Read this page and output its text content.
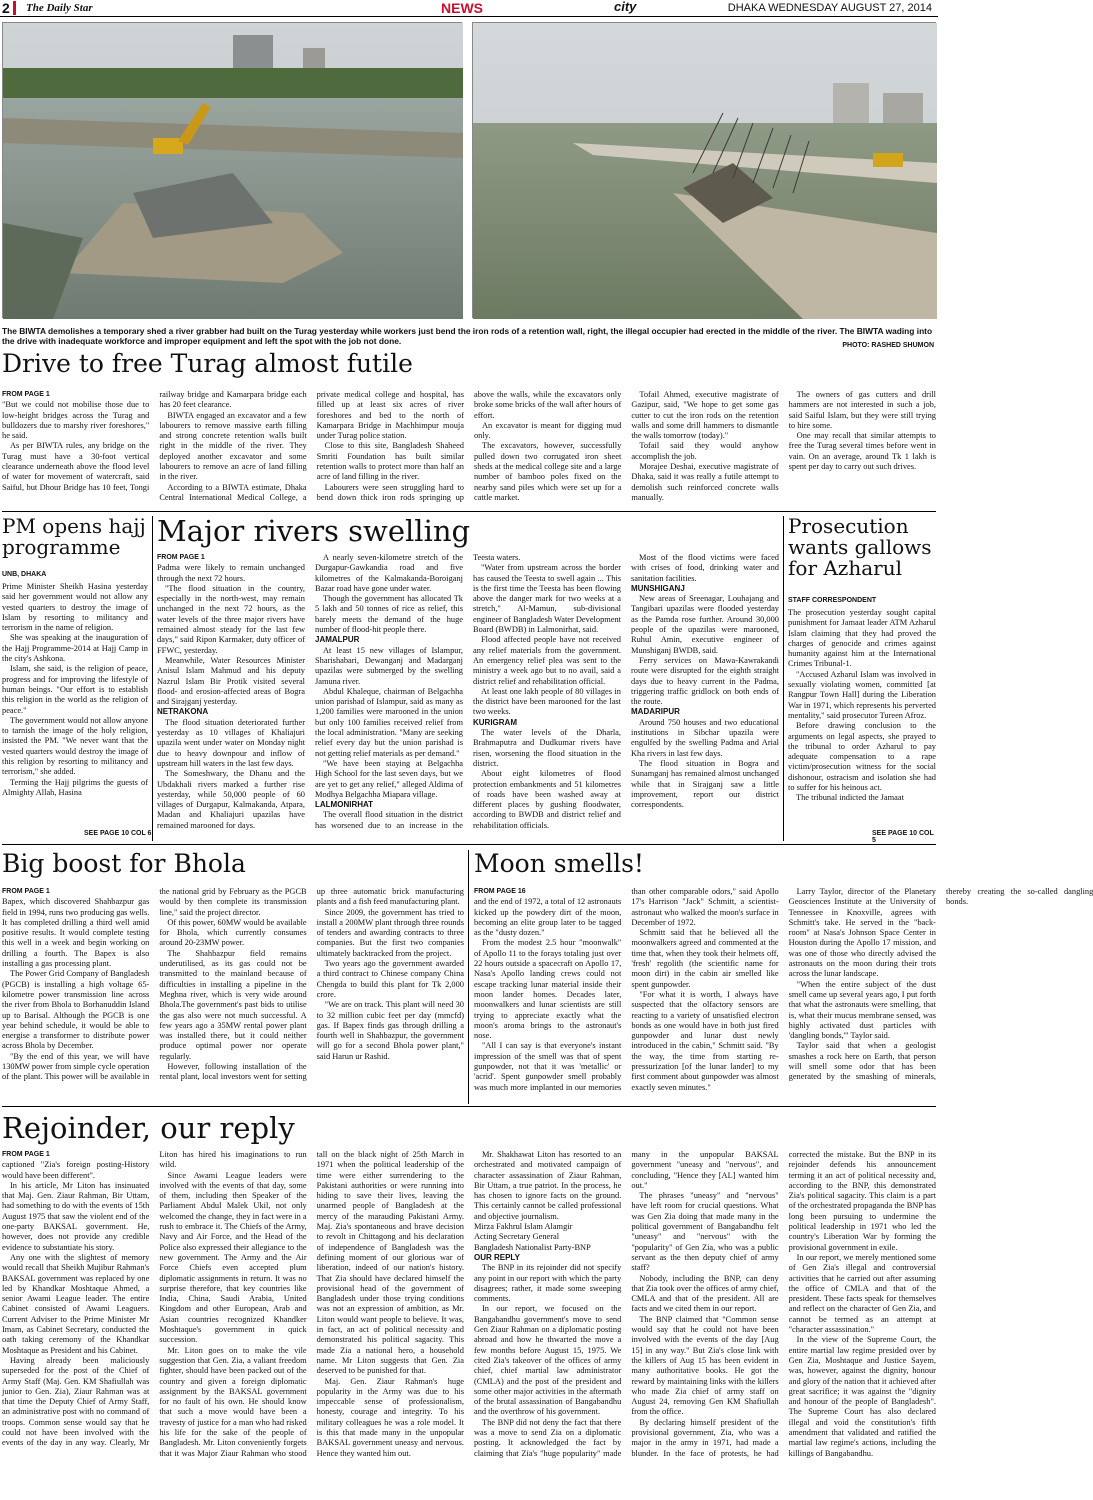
2 The Daily Star	NEWS	city	DHAKA WEDNESDAY AUGUST 27, 2014
The BIWTA demolishes a temporary shed a river grabber had built on the Turag yesterday while workers just bend the iron rods of a retention wall, right, the illegal occupier had erected in the middle of the river. The BIWTA wading into the drive with inadequate workforce and improper equipment and left the spot with the job not done.	PHOTO: RASHED SHUMON
Drive to free Turag almost futile

FROM PAGE 1

"But we could not mobilise those due to low-height bridges across the Turag and bulldozers due to marshy river foreshores," he said.

As per BIWTA rules, any bridge on the Turag must have a 30-foot vertical clearance underneath above the flood level of water for movement of watercraft, said Saiful, but Dhour Bridge has 10 feet, Tongi railway bridge and Kamarpara bridge each has 20 feet clearance.

BIWTA engaged an excavator and a few labourers to remove massive earth filling and strong concrete retention walls built right in the middle of the river. They deployed another excavator and some labourers to remove an acre of land filling in the river.

According to a BIWTA estimate, Dhaka Central International Medical College, a private medical college and hospital, has filled up at least six acres of river foreshores and bed to the north of Kamarpara Bridge in Machhimpur mouja under Turag police station.

Close to this site, Bangladesh Shaheed Smriti Foundation has built similar retention walls to protect more than half an acre of land filling in the river.

Labourers were seen struggling hard to bend down thick iron rods springing up above the walls, while the excavators only broke some bricks of the wall after hours of effort.

An excavator is meant for digging mud only.

The excavators, however, successfully pulled down two corrugated iron sheet sheds at the medical college site and a large number of bamboo poles fixed on the nearby sand piles which were set up for a cattle market.

Tofail Ahmed, executive magistrate of Gazipur, said, "We hope to get some gas cutter to cut the iron rods on the retention walls and some drill hammers to dismantle the walls tomorrow (today)."

Tofail said they would anyhow accomplish the job.

Morajee Deshai, executive magistrate of Dhaka, said it was really a futile attempt to demolish such reinforced concrete walls manually.

The owners of gas cutters and drill hammers are not interested in such a job, said Saiful Islam, but they were still trying to hire some.

One may recall that similar attempts to free the Turag several times before went in vain. On an average, around Tk 1 lakh is spent per day to carry out such drives.

PM opens hajj programme
UNB, DHAKA

Prime Minister Sheikh Hasina yesterday said her government would not allow any vested quarters to destroy the image of Islam by resorting to militancy and terrorism in the name of religion.

She was speaking at the inauguration of the Hajj Programme-2014 at Hajj Camp in the city's Ashkona.

Islam, she said, is the religion of peace, progress and for improving the lifestyle of human beings. "Our effort is to establish this religion in the world as the religion of peace."

The government would not allow anyone to tarnish the image of the holy religion, insisted the PM. "We never want that the vested quarters would destroy the image of this religion by resorting to militancy and terrorism," she added.

Terming the Hajj pilgrims the guests of Almighty Allah, Hasina

SEE PAGE 10 COL 6
Major rivers swelling

FROM PAGE 1

Padma were likely to remain unchanged through the next 72 hours.

"The flood situation in the country, especially in the north-west, may remain unchanged in the next 72 hours, as the water levels of the three major rivers have remained almost steady for the last few days," said Ripon Karmaker, duty officer of FFWC, yesterday.

Meanwhile, Water Resources Minister Anisul Islam Mahmud and his deputy Nazrul Islam Bir Protik visited several flood- and erosion-affected areas of Bogra and Sirajganj yesterday.

NETRAKONA

The flood situation deteriorated further yesterday as 10 villages of Khaliajuri upazila went under water on Monday night due to heavy downpour and inflow of upstream hill waters in the last few days.

The Someshwary, the Dhanu and the Ubdakhali rivers marked a further rise yesterday, while 50,000 people of 60 villages of Durgapur, Kalmakanda, Atpara, Madan and Khaliajuri upazilas have remained marooned for days.

A nearly seven-kilometre stretch of the Durgapur-Gawkandia road and five kilometres of the Kalmakanda-Boroiganj Bazar road have gone under water.

Though the government has allocated Tk 5 lakh and 50 tonnes of rice as relief, this barely meets the demand of the huge number of flood-hit people there.

JAMALPUR

At least 15 new villages of Islampur, Sharishabari, Dewanganj and Madarganj upazilas were submerged by the swelling Jamuna river.

Abdul Khaleque, chairman of Belgachha union parishad of Islampur, said as many as 1,200 families were marooned in the union but only 100 families received relief from the local administration. "Many are seeking relief every day but the union parishad is not getting relief materials as per demand."

"We have been staying at Belgachha High School for the last seven days, but we are yet to get any relief," alleged Aldima of Modhya Belgachha Miapara village.

LALMONIRHAT

The overall flood situation in the district has worsened due to an increase in the Teesta waters.

"Water from upstream across the border has caused the Teesta to swell again ... This is the first time the Teesta has been flowing above the danger mark for two weeks at a stretch," Al-Mamun, sub-divisional engineer of Bangladesh Water Development Board (BWDB) in Lalmonirhat, said.

Flood affected people have not received any relief materials from the government. An emergency relief plea was sent to the ministry a week ago but to no avail, said a district relief and rehabilitation official.

At least one lakh people of 80 villages in the district have been marooned for the last two weeks.

KURIGRAM

The water levels of the Dharla, Brahmaputra and Dudkumar rivers have risen, worsening the flood situation in the district.

About eight kilometres of flood protection embankments and 51 kilometres of roads have been washed away at different places by gushing floodwater, according to BWDB and district relief and rehabilitation officials.

Most of the flood victims were faced with crises of food, drinking water and sanitation facilities.

MUNSHIGANJ

New areas of Sreenagar, Louhajang and Tangibari upazilas were flooded yesterday as the Pamda rose further. Around 30,000 people of the upazilas were marooned, Ruhul Amin, executive engineer of Munshiganj BWDB, said.

Ferry services on Mawa-Kawrakandi route were disrupted for the eighth straight days due to heavy current in the Padma, triggering traffic gridlock on both ends of the route.

MADARIPUR

Around 750 houses and two educational institutions in Sibchar upazila were engulfed by the swelling Padma and Arial Kha rivers in last few days.

The flood situation in Bogra and Sunamganj has remained almost unchanged while that in Sirajganj saw a little improvement, report our district correspondents.

Prosecution wants gallows for Azharul
STAFF CORRESPONDENT

The prosecution yesterday sought capital punishment for Jamaat leader ATM Azharul Islam claiming that they had proved the charges of genocide and crimes against humanity against him at the International Crimes Tribunal-1.

"Accused Azharul Islam was involved in sexually violating women, committed [at Rangpur Town Hall] during the Liberation War in 1971, which represents his perverted mentality," said prosecutor Tureen Afroz.

Before drawing conclusion to the arguments on legal aspects, she prayed to the tribunal to order Azharul to pay adequate compensation to a rape victim/prosecution witness for the social dishonour, ostracism and isolation she had to suffer for his heinous act.

The tribunal indicted the Jamaat

SEE PAGE 10 COL 5
Big boost for Bhola

FROM PAGE 1

Bapex, which discovered Shahbazpur gas field in 1994, runs two producing gas wells. It has completed drilling a third well amid positive results. It would complete testing this well in a week and begin working on drilling a fourth. The Bapex is also installing a gas processing plant.

The Power Grid Company of Bangladesh (PGCB) is installing a high voltage 65-kilometre power transmission line across the river from Bhola to Borhanuddin Island up to Barisal. Although the PGCB is one year behind schedule, it would be able to energise a transformer to distribute power across Bhola by December.

"By the end of this year, we will have 130MW power from simple cycle operation of the plant. This power will be available in the national grid by February as the PGCB would by then complete its transmission line," said the project director.

Of this power, 60MW would be available for Bhola, which currently consumes around 20-23MW power.

The Shahbazpur field remains underutilised, as its gas could not be transmitted to the mainland because of difficulties in installing a pipeline in the Meghna river, which is very wide around Bhola.The government's past bids to utilise the gas also were not much successful. A few years ago a 35MW rental power plant was installed there, but it could neither produce optimal power nor operate regularly.

However, following installation of the rental plant, local investors went for setting up three automatic brick manufacturing plants and a fish feed manufacturing plant.

Since 2009, the government has tried to install a 200MW plant through three rounds of tenders and awarding contracts to three companies. But the first two companies ultimately backtracked from the project.

Two years ago the government awarded a third contract to Chinese company China Chengda to build this plant for Tk 2,000 crore.

"We are on track. This plant will need 30 to 32 million cubic feet per day (mmcfd) gas. If Bapex finds gas through drilling a fourth well in Shahbazpur, the government will go for a second Bhola power plant," said Harun ur Rashid.

Moon smells!

FROM PAGE 16

and the end of 1972, a total of 12 astronauts kicked up the powdery dirt of the moon, becoming an elite group later to be tagged as the "dusty dozen."

From the modest 2.5 hour "moonwalk" of Apollo 11 to the forays totaling just over 22 hours outside a spacecraft on Apollo 17, Nasa's Apollo landing crews could not escape tracking lunar material inside their moon lander homes. Decades later, moonwalkers and lunar scientists are still trying to appreciate exactly what the moon's aroma brings to the astronaut's nose.

"All I can say is that everyone's instant impression of the smell was that of spent gunpowder, not that it was 'metallic' or 'acrid'. Spent gunpowder smell probably was much more implanted in our memories than other comparable odors," said Apollo 17's Harrison "Jack" Schmitt, a scientist-astronaut who walked the moon's surface in December of 1972.

Schmitt said that he believed all the moonwalkers agreed and commented at the time that, when they took their helmets off, 'fresh' regolith (the scientific name for moon dirt) in the cabin air smelled like spent gunpowder.

"For what it is worth, I always have suspected that the olfactory sensors are reacting to a variety of unsatisfied electron bonds as one would have in both just fired gunpowder and lunar dust newly introduced in the cabin," Schmitt said. "By the way, the time from starting re-pressurization [of the lunar lander] to my first comment about gunpowder was almost exactly seven minutes."

Larry Taylor, director of the Planetary Geosciences Institute at the University of Tennessee in Knoxville, agrees with Schmitt's take. He served in the "back-room" at Nasa's Johnson Space Center in Houston during the Apollo 17 mission, and was one of those who directly advised the astronauts on the moon during their trots across the lunar landscape.

"When the entire subject of the dust smell came up several years ago, I put forth that what the astronauts were smelling, that is, what their mucus membrane sensed, was highly activated dust particles with 'dangling bonds,'" Taylor said.

Taylor said that when a geologist smashes a rock here on Earth, that person will smell some odor that has been generated by the smashing of minerals, thereby creating the so-called dangling bonds.

Rejoinder, our reply

FROM PAGE 1

captioned "Zia's foreign posting-History would have been different".

In his article, Mr Liton has insinuated that Maj. Gen. Ziaur Rahman, Bir Uttam, had something to do with the events of 15th August 1975 that saw the violent end of the one-party BAKSAL government. He, however, does not provide any credible evidence to substantiate his story.

Any one with the slightest of memory would recall that Sheikh Mujibur Rahman's BAKSAL government was replaced by one led by Khandkar Moshtaque Ahmed, a senior Awami League leader. The entire Cabinet consisted of Awami Leaguers. Current Adviser to the Prime Minister Mr Imam, as Cabinet Secretary, conducted the oath taking ceremony of the Khandkar Moshtaque as President and his Cabinet.

Having already been maliciously superseded for the post of the Chief of Army Staff (Maj. Gen. KM Shafiullah was junior to Gen. Zia), Ziaur Rahman was at that time the Deputy Chief of Army Staff, an administrative post with no command of troops. Common sense would say that he could not have been involved with the events of the day in any way. Clearly, Mr Liton has hired his imaginations to run wild.

Since Awami League leaders were involved with the events of that day, some of them, including then Speaker of the Parliament Abdul Malek Ukil, not only welcomed the change, they in fact were in a rush to embrace it. The Chiefs of the Army, Navy and Air Force, and the Head of the Police also expressed their allegiance to the new government. The Army and the Air Force Chiefs even accepted plum diplomatic assignments in return. It was no surprise therefore, that key countries like India, China, Saudi Arabia, United Kingdom and other European, Arab and Asian countries recognized Khandker Moshtaque's government in quick succession.

Mr. Liton goes on to make the vile suggestion that Gen. Zia, a valiant freedom fighter, should have been packed out of the country and given a foreign diplomatic assignment by the BAKSAL government for no fault of his own. He should know that such a move would have been a travesty of justice for a man who had risked his life for the sake of the people of Bangladesh. Mr. Liton conveniently forgets that it was Major Ziaur Rahman who stood tall on the black night of 25th March in 1971 when the political leadership of the time were either surrendering to the Pakistani authorities or were running into hiding to save their lives, leaving the unarmed people of Bangladesh at the mercy of the marauding Pakistani Army. Maj. Zia's spontaneous and brave decision to revolt in Chittagong and his declaration of independence of Bangladesh was the defining moment of our glorious war of liberation, indeed of our nation's history. That Zia should have declared himself the provisional head of the government of Bangladesh under those trying conditions was not an expression of ambition, as Mr. Liton would want people to believe. It was, in fact, an act of political necessity and demonstrated his political sagacity. This made Zia a national hero, a household name. Mr Liton suggests that Gen. Zia deserved to be punished for that.

Maj. Gen. Ziaur Rahman's huge popularity in the Army was due to his impeccable sense of professionalism, honesty, courage and integrity. To his military colleagues he was a role model. It is this that made many in the unpopular BAKSAL government uneasy and nervous. Hence they wanted him out.

Mr. Shakhawat Liton has resorted to an orchestrated and motivated campaign of character assassination of Ziaur Rahman, Bir Uttam, a true patriot. In the process, he has chosen to ignore facts on the ground. This certainly cannot be called professional and objective journalism.

Mirza Fakhrul Islam Alamgir

Acting Secretary General

Bangladesh Nationalist Party-BNP

OUR REPLY

The BNP in its rejoinder did not specify any point in our report with which the party disagrees; rather, it made some sweeping comments.

In our report, we focused on the Bangabandhu government's move to send Gen Ziaur Rahman on a diplomatic posting abroad and how he thwarted the move a few months before August 15, 1975. We cited Zia's takeover of the offices of army chief, chief martial law administrator (CMLA) and the post of the president and some other major activities in the aftermath of the brutal assassination of Bangabandhu and the overthrow of his government.

The BNP did not deny the fact that there was a move to send Zia on a diplomatic posting. It acknowledged the fact by claiming that Zia's "huge popularity" made many in the unpopular BAKSAL government "uneasy and "nervous", and concluding, "Hence they [AL] wanted him out."

The phrases "uneasy" and "nervous" have left room for crucial questions. What was Gen Zia doing that made many in the political government of Bangabandhu felt "uneasy" and "nervous" with the "popularity" of Gen Zia, who was a public servant as the then deputy chief of army staff?

Nobody, including the BNP, can deny that Zia took over the offices of army chief, CMLA and that of the president. All are facts and we cited them in our report.

The BNP claimed that "Common sense would say that he could not have been involved with the events of the day [Aug 15] in any way." But Zia's close link with the killers of Aug 15 has been evident in many authoritative books. He got the reward by maintaining links with the killers who made Zia chief of army staff on August 24, removing Gen KM Shafiullah from the office.

By declaring himself president of the provisional government, Zia, who was a major in the army in 1971, had made a blunder. In the face of protests, he had corrected the mistake. But the BNP in its rejoinder defends his announcement terming it an act of political necessity and, according to the BNP, this demonstrated Zia's political sagacity. This claim is a part of the orchestrated propaganda the BNP has long been pursuing to undermine the political leadership in 1971 who led the country's Liberation War by forming the provisional government in exile.

In our report, we merely mentioned some of Gen Zia's illegal and controversial activities that he carried out after assuming the office of CMLA and that of the president. These facts speak for themselves and reflect on the character of Gen Zia, and cannot be termed as an attempt at "character assassination."

In the view of the Supreme Court, the entire martial law regime presided over by Gen Zia, Moshtaque and Justice Sayem, was, however, against the dignity, honour and glory of the nation that it achieved after great sacrifice; it was against the "dignity and honour of the people of Bangladesh". The Supreme Court has also declared illegal and void the constitution's fifth amendment that validated and ratified the martial law regime's actions, including the killings of Bangabandhu.
